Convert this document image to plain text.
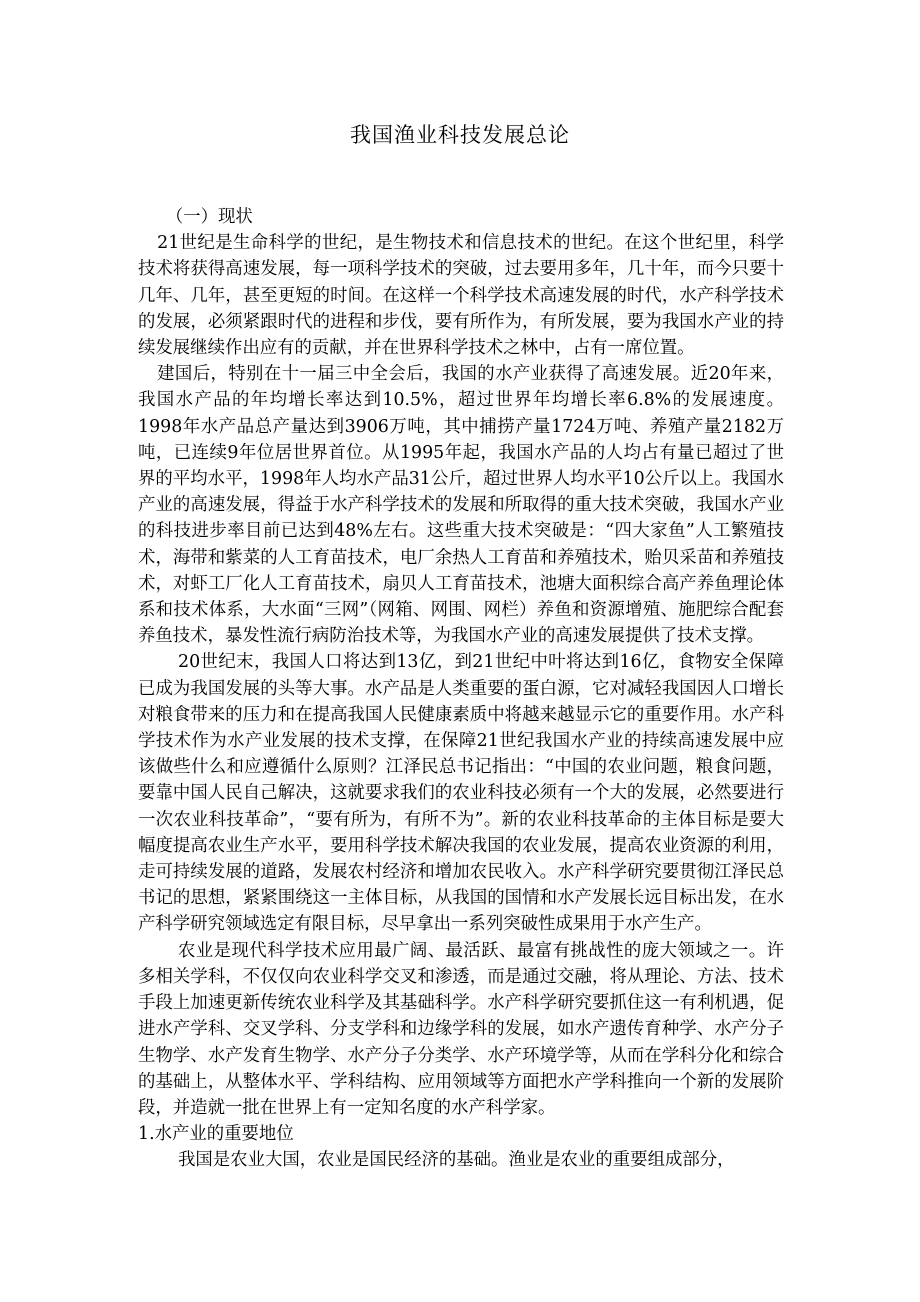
我国渔业科技发展总论

（一）现状

21世纪是生命科学的世纪，是生物技术和信息技术的世纪。在这个世纪里，科学技术将获得高速发展，每一项科学技术的突破，过去要用多年，几十年，而今只要十几年、几年，甚至更短的时间。在这样一个科学技术高速发展的时代，水产科学技术的发展，必须紧跟时代的进程和步伐，要有所作为，有所发展，要为我国水产业的持续发展继续作出应有的贡献，并在世界科学技术之林中，占有一席位置。

建国后，特别在十一届三中全会后，我国的水产业获得了高速发展。近20年来，我国水产品的年均增长率达到10.5%，超过世界年均增长率6.8%的发展速度。1998年水产品总产量达到3906万吨，其中捕捞产量1724万吨、养殖产量2182万吨，已连续9年位居世界首位。从1995年起，我国水产品的人均占有量已超过了世界的平均水平，1998年人均水产品31公斤，超过世界人均水平10公斤以上。我国水产业的高速发展，得益于水产科学技术的发展和所取得的重大技术突破，我国水产业的科技进步率目前已达到48%左右。这些重大技术突破是：“四大家鱼”人工繁殖技术，海带和紫菜的人工育苗技术，电厂余热人工育苗和养殖技术，贻贝采苗和养殖技术，对虾工厂化人工育苗技术，扇贝人工育苗技术，池塘大面积综合高产养鱼理论体系和技术体系，大水面“三网”（网箱、网围、网栏）养鱼和资源增殖、施肥综合配套养鱼技术，暴发性流行病防治技术等，为我国水产业的高速发展提供了技术支撑。

20世纪末，我国人口将达到13亿，到21世纪中叶将达到16亿，食物安全保障已成为我国发展的头等大事。水产品是人类重要的蛋白源，它对减轻我国因人口增长对粮食带来的压力和在提高我国人民健康素质中将越来越显示它的重要作用。水产科学技术作为水产业发展的技术支撑，在保障21世纪我国水产业的持续高速发展中应该做些什么和应遵循什么原则？江泽民总书记指出：“中国的农业问题，粮食问题，要靠中国人民自己解决，这就要求我们的农业科技必须有一个大的发展，必然要进行一次农业科技革命”，“要有所为，有所不为”。新的农业科技革命的主体目标是要大幅度提高农业生产水平，要用科学技术解决我国的农业发展，提高农业资源的利用，走可持续发展的道路，发展农村经济和增加农民收入。水产科学研究要贯彻江泽民总书记的思想，紧紧围绕这一主体目标，从我国的国情和水产发展长远目标出发，在水产科学研究领域选定有限目标，尽早拿出一系列突破性成果用于水产生产。

农业是现代科学技术应用最广阔、最活跃、最富有挑战性的庞大领域之一。许多相关学科，不仅仅向农业科学交叉和渗透，而是通过交融，将从理论、方法、技术手段上加速更新传统农业科学及其基础科学。水产科学研究要抓住这一有利机遇，促进水产学科、交叉学科、分支学科和边缘学科的发展，如水产遗传育种学、水产分子生物学、水产发育生物学、水产分子分类学、水产环境学等，从而在学科分化和综合的基础上，从整体水平、学科结构、应用领域等方面把水产学科推向一个新的发展阶段，并造就一批在世界上有一定知名度的水产科学家。

1.水产业的重要地位

我国是农业大国，农业是国民经济的基础。渔业是农业的重要组成部分，
